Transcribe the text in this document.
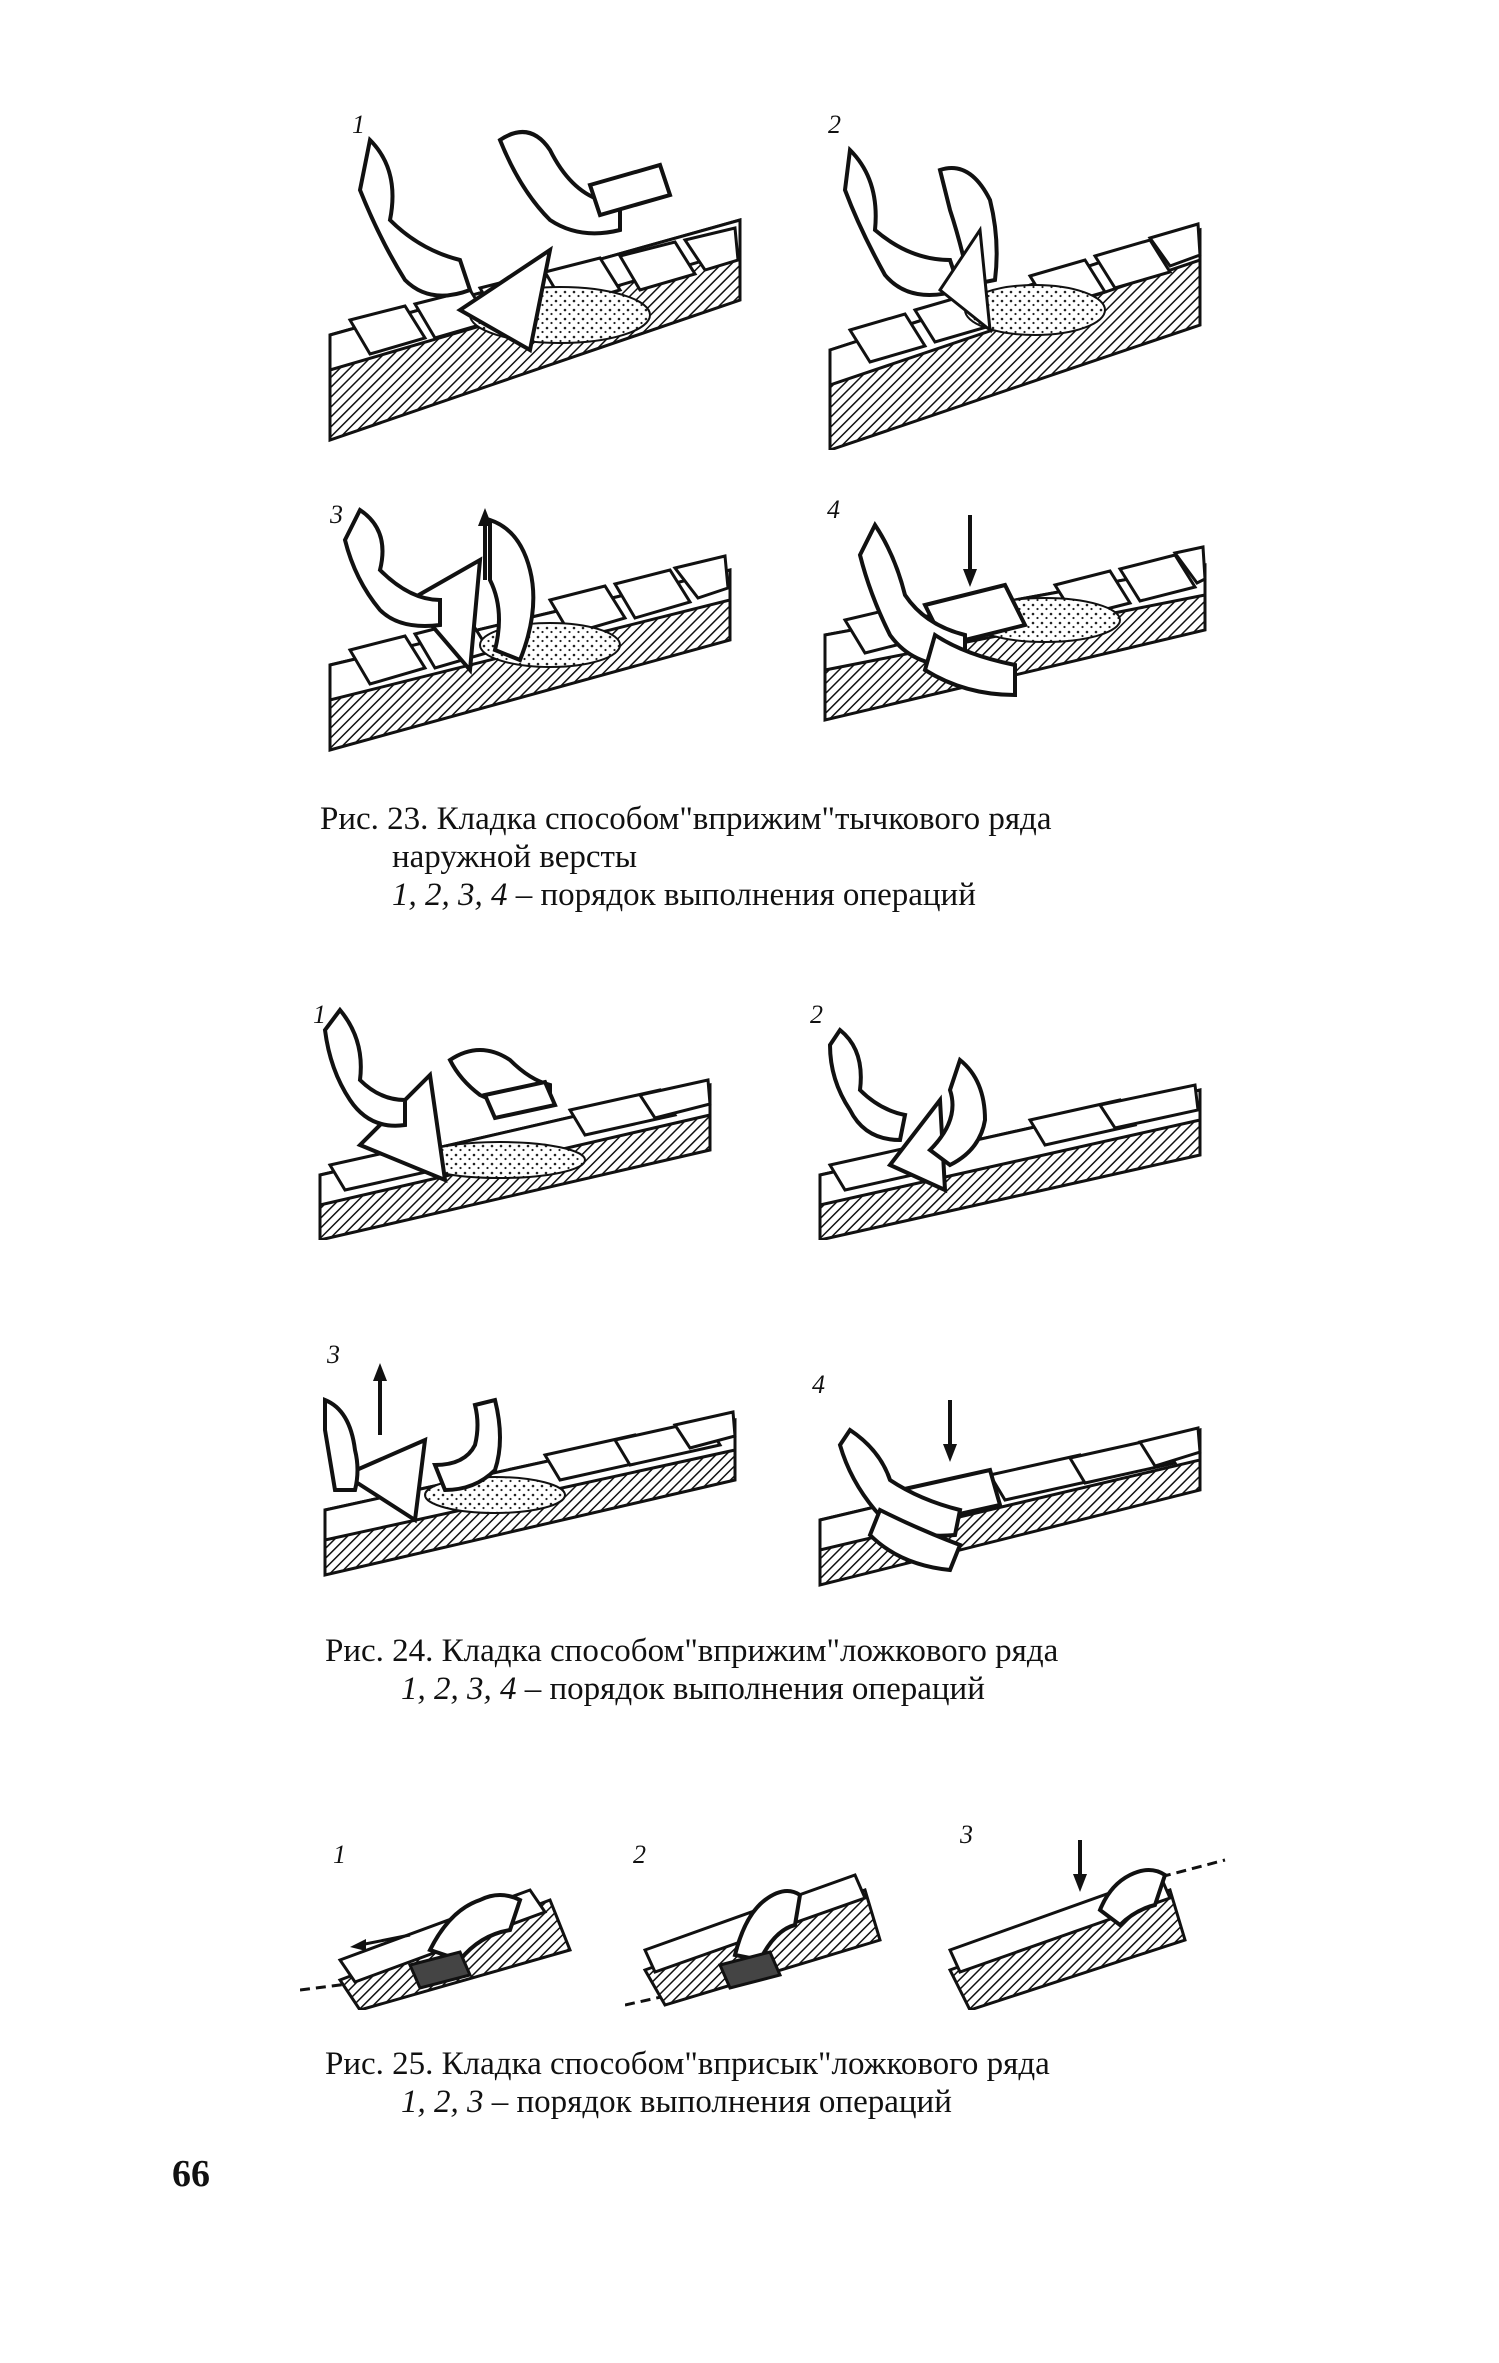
1	2
3	4
Рис. 23. Кладка способом"вприжим"тычкового ряда
наружной версты
1, 2, 3, 4 – порядок выполнения операций
1	2
3
4
Рис. 24. Кладка способом"вприжим"ложкового ряда
1, 2, 3, 4 – порядок выполнения операций
1	2
3
Рис. 25. Кладка способом"вприсык"ложкового ряда
1, 2, 3 – порядок выполнения операций
66
